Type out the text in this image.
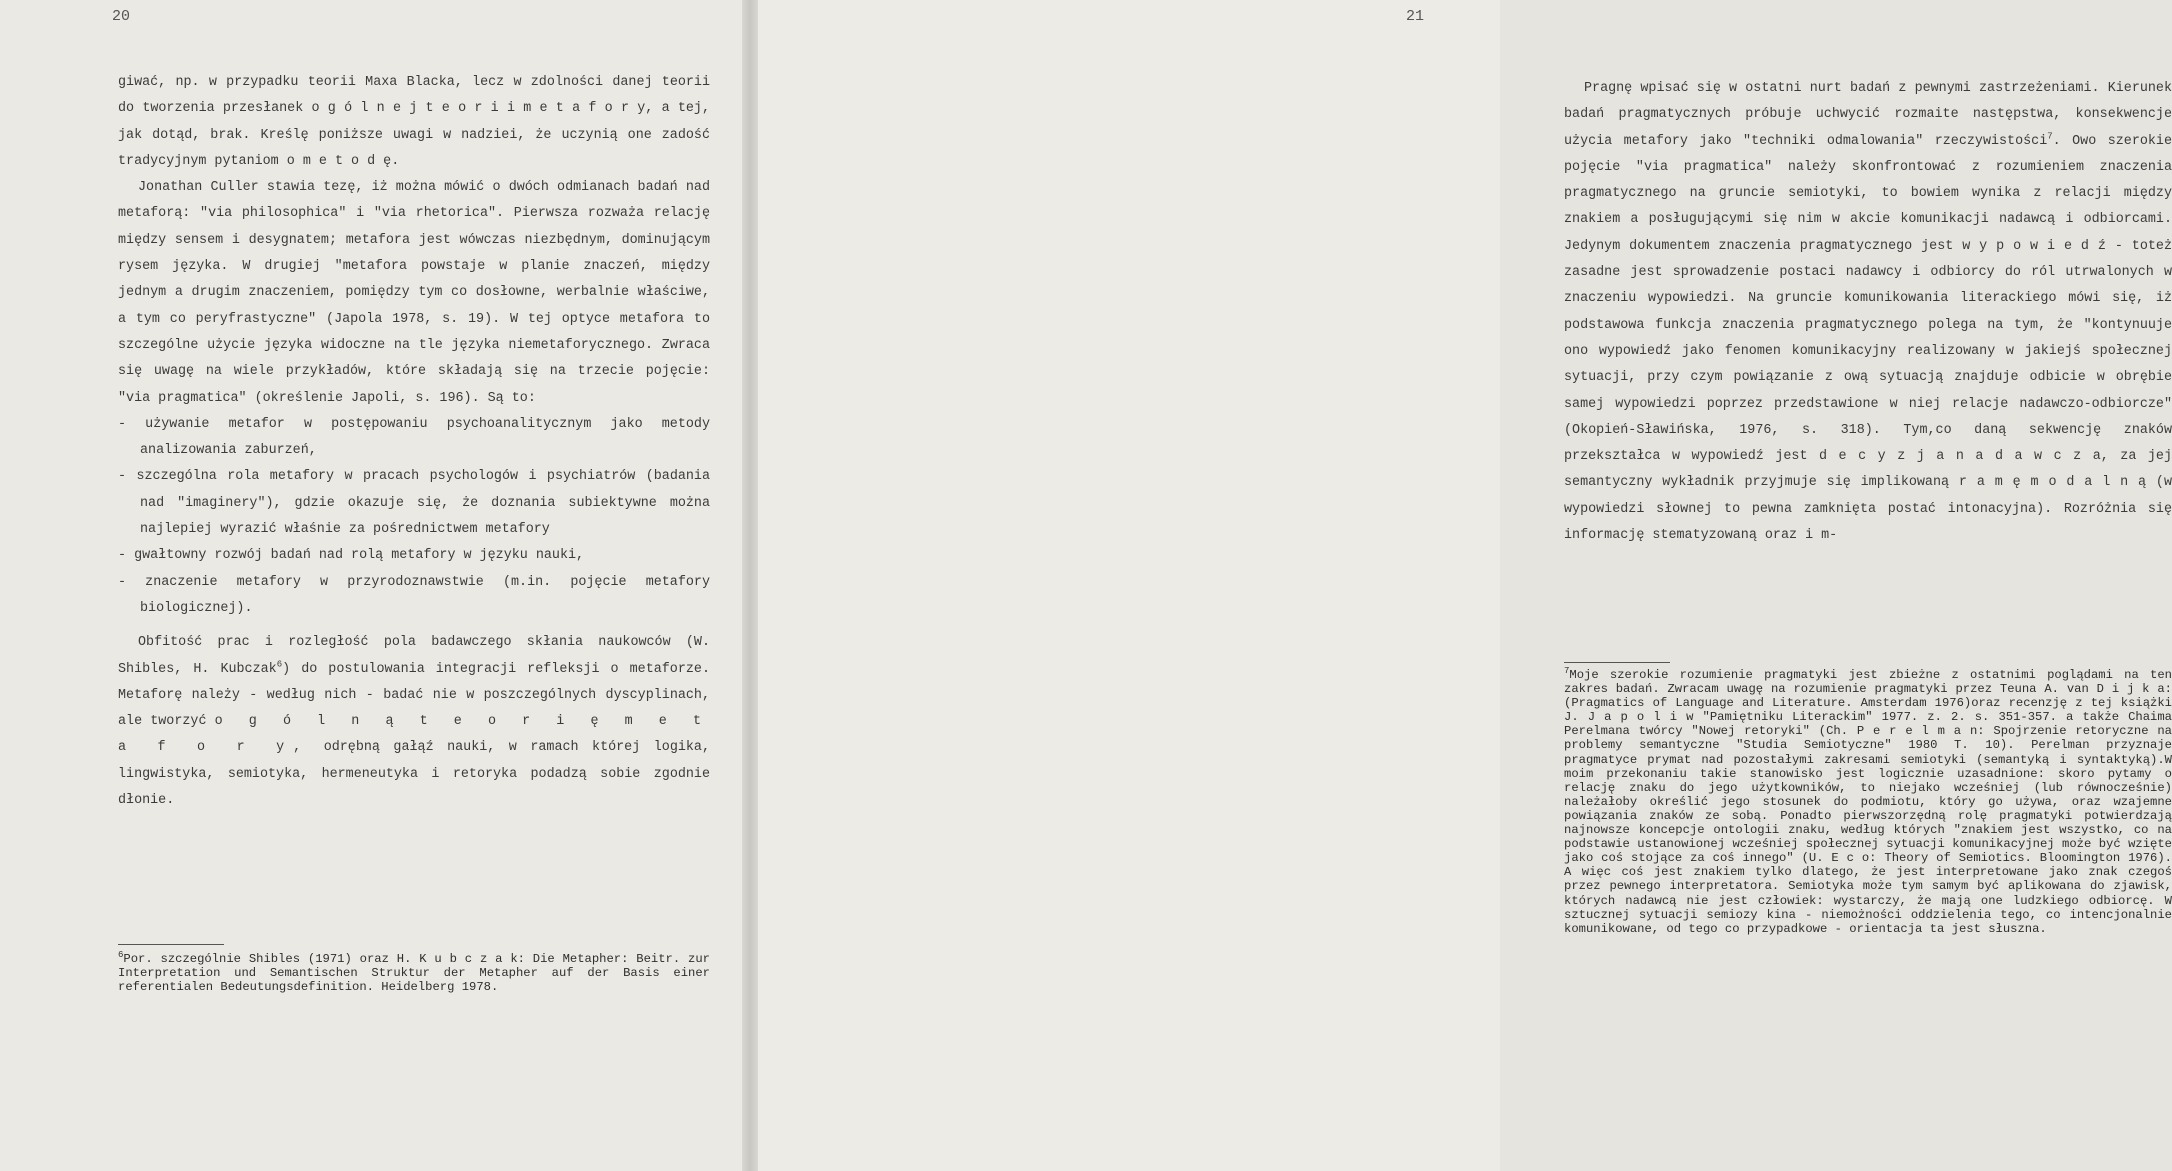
20

giwać, np. w przypadku teorii Maxa Blacka, lecz w zdolności danej teorii do tworzenia przesłanek o g ó l n e j t e o r i i m e t a f o r y, a tej, jak dotąd, brak. Kreślę poniższe uwagi w nadziei, że uczynią one zadość tradycyjnym pytaniom o m e t o d ę.

Jonathan Culler stawia tezę, iż można mówić o dwóch odmianach badań nad metaforą: "via philosophica" i "via rhetorica". Pierwsza rozważa relację między sensem i desygnatem; metafora jest wówczas niezbędnym, dominującym rysem języka. W drugiej "metafora powstaje w planie znaczeń, między jednym a drugim znaczeniem, pomiędzy tym co dosłowne, werbalnie właściwe, a tym co peryfrastyczne" (Japola 1978, s. 19). W tej optyce metafora to szczególne użycie języka widoczne na tle języka niemetaforycznego. Zwraca się uwagę na wiele przykładów, które składają się na trzecie pojęcie: "via pragmatica" (określenie Japoli, s. 196). Są to:

- używanie metafor w postępowaniu psychoanalitycznym jako metody analizowania zaburzeń,
- szczególna rola metafory w pracach psychologów i psychiatrów (badania nad "imaginery"), gdzie okazuje się, że doznania subiektywne można najlepiej wyrazić właśnie za pośrednictwem metafory
- gwałtowny rozwój badań nad rolą metafory w języku nauki,
- znaczenie metafory w przyrodoznawstwie (m.in. pojęcie metafory biologicznej).

Obfitość prac i rozległość pola badawczego skłania naukowców (W. Shibles, H. Kubczak$^6$) do postulowania integracji refleksji o metaforze. Metaforę należy - według nich - badać nie w poszczególnych dyscyplinach, ale tworzyć o g ó l n ą t e o r i ę m e t a f o r y, odrębną gałąź nauki, w ramach której logika, lingwistyka, semiotyka, hermeneutyka i retoryka podadzą sobie zgodnie dłonie.

$^6$Por. szczególnie Shibles (1971) oraz H. K u b c z a k: Die Metapher: Beitr. zur Interpretation und Semantischen Struktur der Metapher auf der Basis einer referentialen Bedeutungsdefinition. Heidelberg 1978.
21

Pragnę wpisać się w ostatni nurt badań z pewnymi zastrzeżeniami. Kierunek badań pragmatycznych próbuje uchwycić rozmaite następstwa, konsekwencje użycia metafory jako "techniki odmalowania" rzeczywistości$^7$. Owo szerokie pojęcie "via pragmatica" należy skonfrontować z rozumieniem znaczenia pragmatycznego na gruncie semiotyki, to bowiem wynika z relacji między znakiem a posługującymi się nim w akcie komunikacji nadawcą i odbiorcami. Jedynym dokumentem znaczenia pragmatycznego jest w y p o w i e d ź - toteż zasadne jest sprowadzenie postaci nadawcy i odbiorcy do ról utrwalonych w znaczeniu wypowiedzi. Na gruncie komunikowania literackiego mówi się, iż podstawowa funkcja znaczenia pragmatycznego polega na tym, że "kontynuuje ono wypowiedź jako fenomen komunikacyjny realizowany w jakiejś społecznej sytuacji, przy czym powiązanie z ową sytuacją znajduje odbicie w obrębie samej wypowiedzi poprzez przedstawione w niej relacje nadawczo-odbiorcze" (Okopień-Sławińska, 1976, s. 318). Tym,co daną sekwencję znaków przekształca w wypowiedź jest d e c y z j a n a d a w c z a, za jej semantyczny wykładnik przyjmuje się implikowaną r a m ę m o d a l n ą (w wypowiedzi słownej to pewna zamknięta postać intonacyjna). Rozróżnia się informację stematyzowaną oraz i m-

$^7$Moje szerokie rozumienie pragmatyki jest zbieżne z ostatnimi poglądami na ten zakres badań. Zwracam uwagę na rozumienie pragmatyki przez Teuna A. van D i j k a: (Pragmatics of Language and Literature. Amsterdam 1976)oraz recenzję z tej książki J. J a p o l i w "Pamiętniku Literackim" 1977. z. 2. s. 351-357. a także Chaima Perelmana twórcy "Nowej retoryki" (Ch. P e r e l m a n: Spojrzenie retoryczne na problemy semantyczne "Studia Semiotyczne" 1980 T. 10). Perelman przyznaje pragmatyce prymat nad pozostałymi zakresami semiotyki (semantyką i syntaktyką).W moim przekonaniu takie stanowisko jest logicznie uzasadnione: skoro pytamy o relację znaku do jego użytkowników, to niejako wcześniej (lub równocześnie) należałoby określić jego stosunek do podmiotu, który go używa, oraz wzajemne powiązania znaków ze sobą. Ponadto pierwszorzędną rolę pragmatyki potwierdzają najnowsze koncepcje ontologii znaku, według których "znakiem jest wszystko, co na podstawie ustanowionej wcześniej społecznej sytuacji komunikacyjnej może być wzięte jako coś stojące za coś innego" (U. E c o: Theory of Semiotics. Bloomington 1976). A więc coś jest znakiem tylko dlatego, że jest interpretowane jako znak czegoś przez pewnego interpretatora. Semiotyka może tym samym być aplikowana do zjawisk, których nadawcą nie jest człowiek: wystarczy, że mają one ludzkiego odbiorcę. W sztucznej sytuacji semiozy kina - niemożności oddzielenia tego, co intencjonalnie komunikowane, od tego co przypadkowe - orientacja ta jest słuszna.
